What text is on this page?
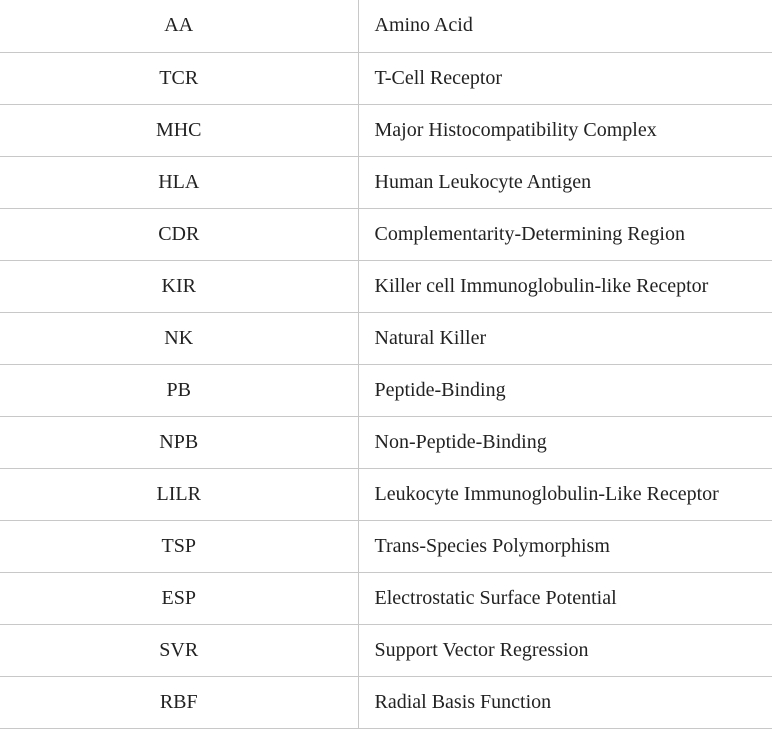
AA	Amino Acid
TCR	T-Cell Receptor
MHC	Major Histocompatibility Complex
HLA	Human Leukocyte Antigen
CDR	Complementarity-Determining Region
KIR	Killer cell Immunoglobulin-like Receptor
NK	Natural Killer
PB	Peptide-Binding
NPB	Non-Peptide-Binding
LILR	Leukocyte Immunoglobulin-Like Receptor
TSP	Trans-Species Polymorphism
ESP	Electrostatic Surface Potential
SVR	Support Vector Regression
RBF	Radial Basis Function
